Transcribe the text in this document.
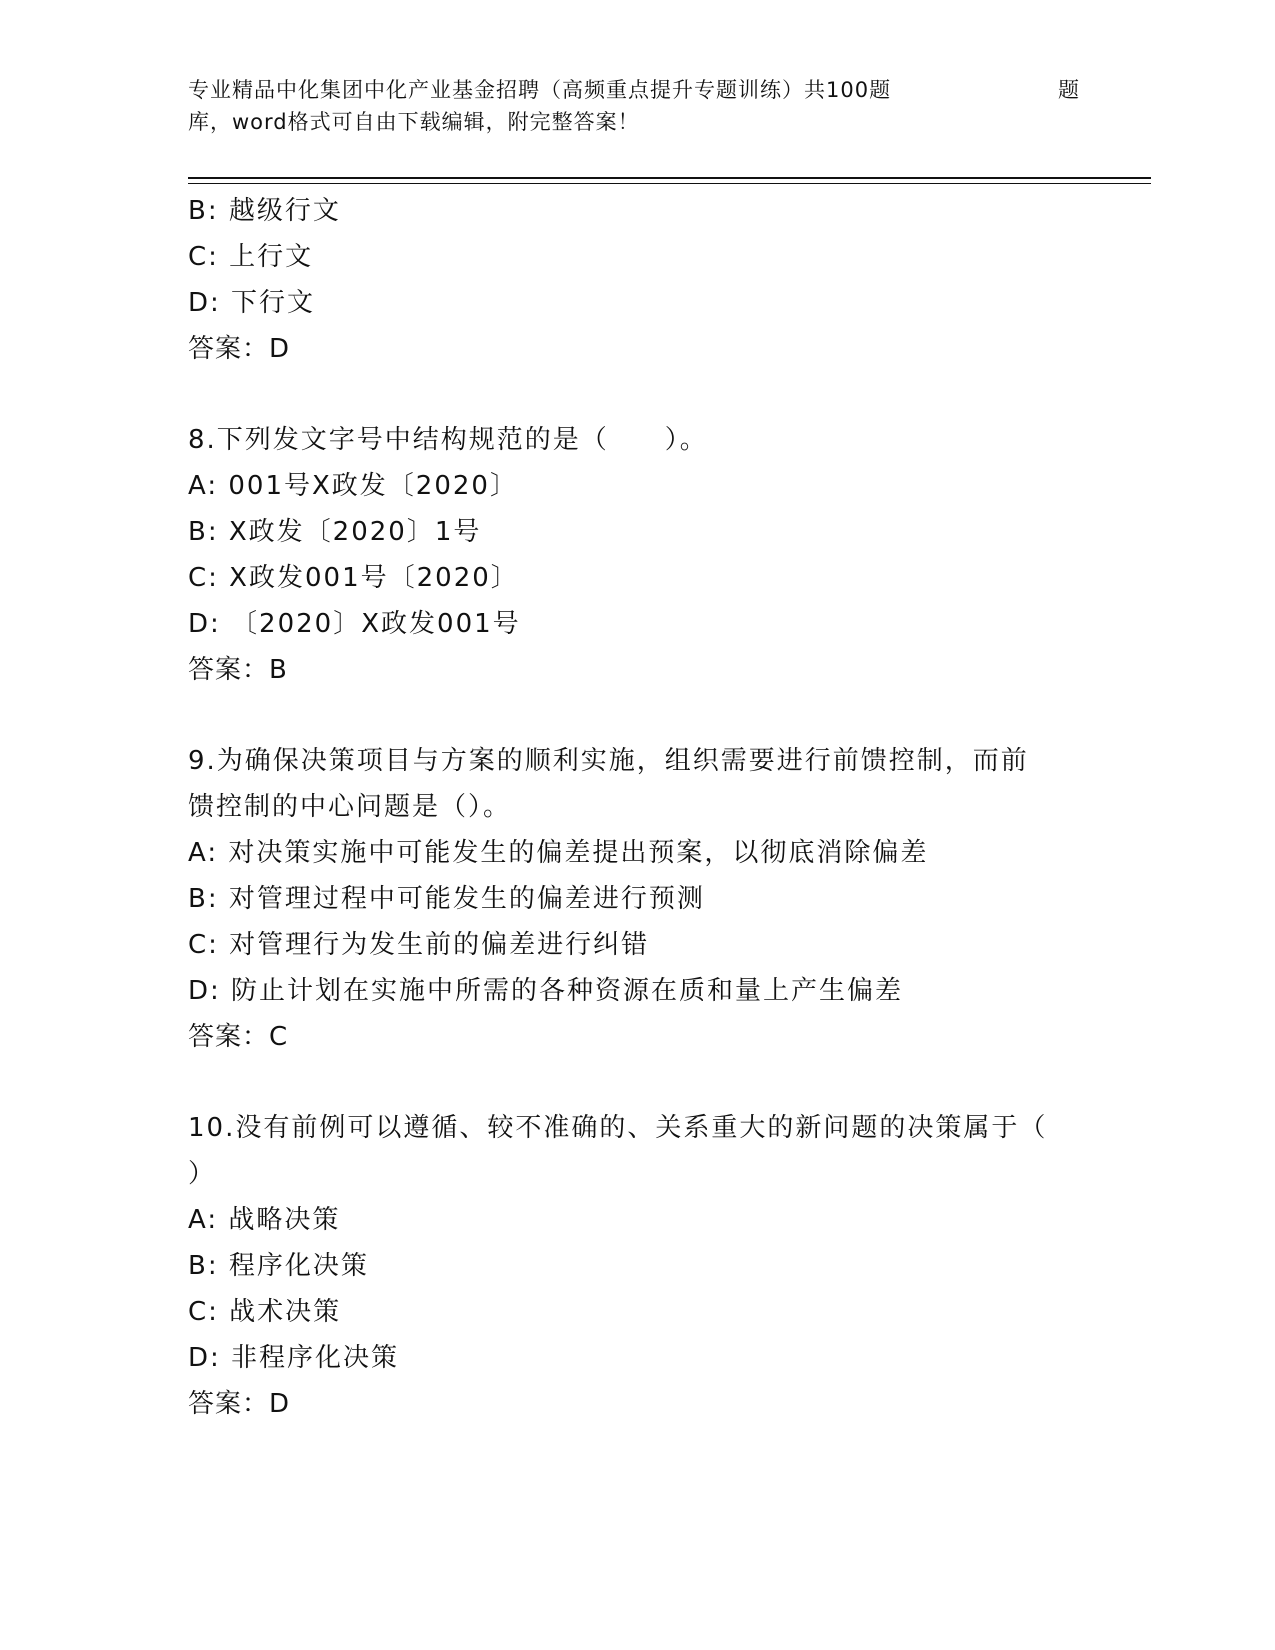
专业精品中化集团中化产业基金招聘（高频重点提升专题训练）共100题	题
库，word格式可自由下载编辑，附完整答案！
B: 越级行文
C: 上行文
D: 下行文
答案：D
8.下列发文字号中结构规范的是（　　）。
A: 001号X政发〔2020〕
B: X政发〔2020〕1号
C: X政发001号〔2020〕
D: 〔2020〕X政发001号
答案：B
9.为确保决策项目与方案的顺利实施，组织需要进行前馈控制，而前
馈控制的中心问题是（）。
A: 对决策实施中可能发生的偏差提出预案，以彻底消除偏差
B: 对管理过程中可能发生的偏差进行预测
C: 对管理行为发生前的偏差进行纠错
D: 防止计划在实施中所需的各种资源在质和量上产生偏差
答案：C
10.没有前例可以遵循、较不准确的、关系重大的新问题的决策属于（
）
A: 战略决策
B: 程序化决策
C: 战术决策
D: 非程序化决策
答案：D
